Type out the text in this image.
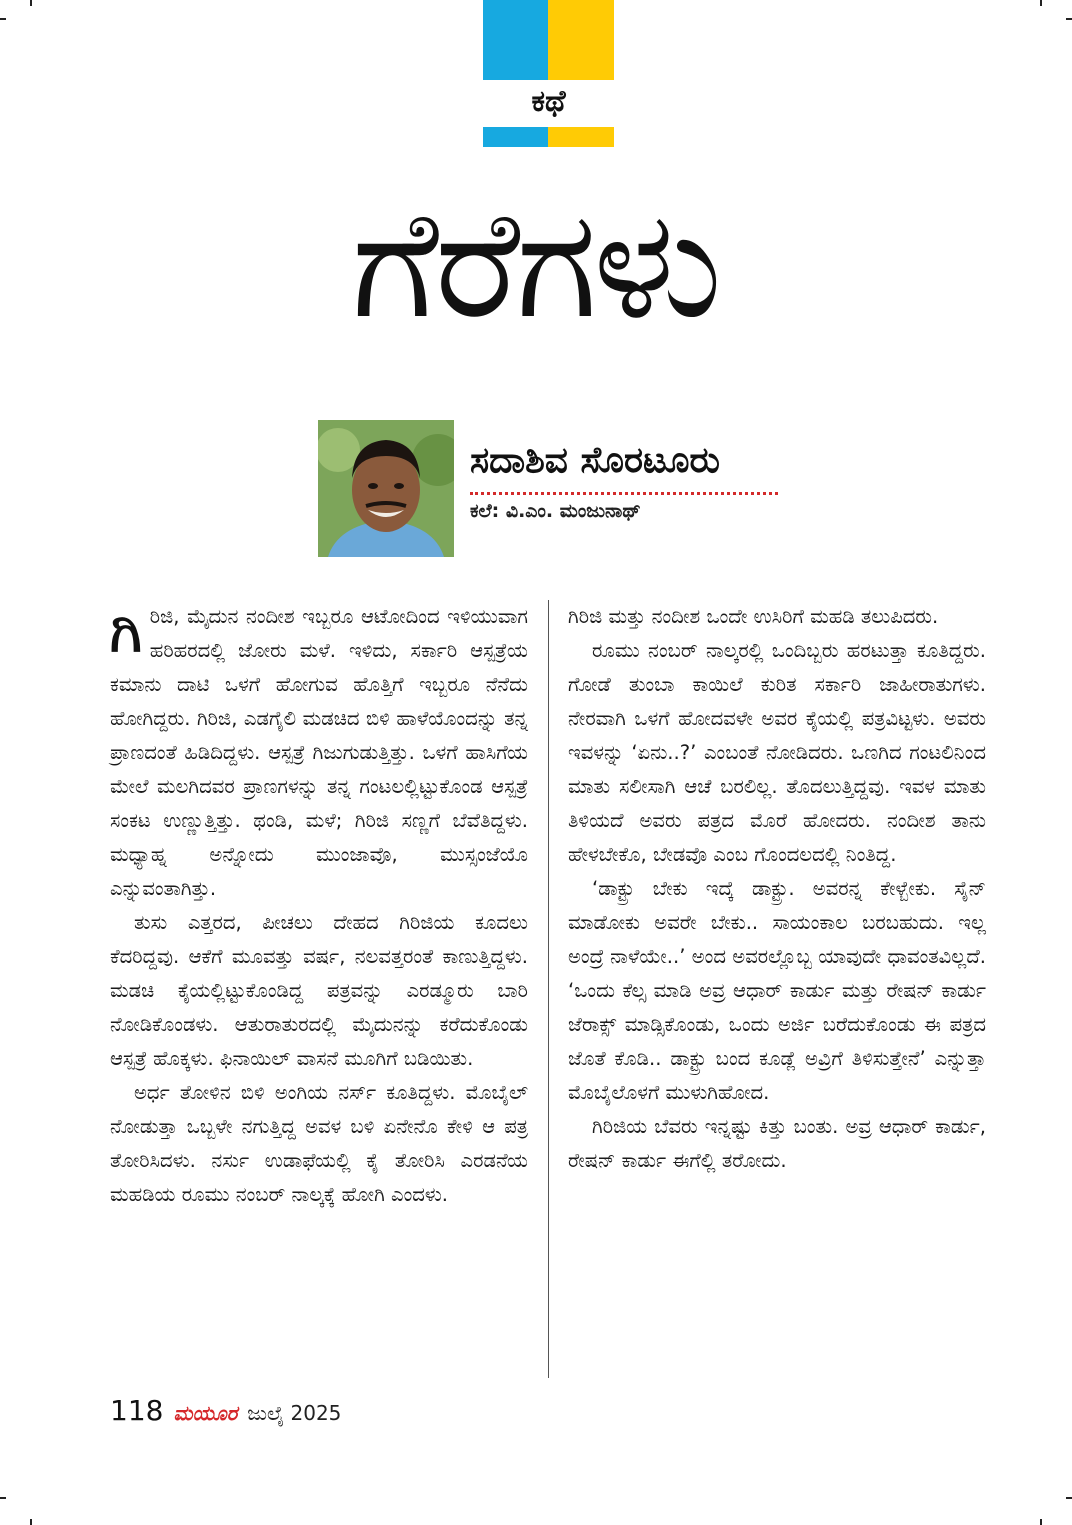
ಕಥೆ
ಗೆರೆಗಳು
ಸದಾಶಿವ ಸೊರಟೂರು
ಕಲೆ: ವಿ.ಎಂ. ಮಂಜುನಾಥ್

ಗಿರಿಜಿ, ಮೈದುನ ನಂದೀಶ ಇಬ್ಬರೂ ಆಟೋದಿಂದ ಇಳಿಯುವಾಗ ಹರಿಹರದಲ್ಲಿ ಜೋರು ಮಳೆ. ಇಳಿದು, ಸರ್ಕಾರಿ ಆಸ್ಪತ್ರೆಯ ಕಮಾನು ದಾಟಿ ಒಳಗೆ ಹೋಗುವ ಹೊತ್ತಿಗೆ ಇಬ್ಬರೂ ನೆನೆದು ಹೋಗಿದ್ದರು. ಗಿರಿಜಿ, ಎಡಗೈಲಿ ಮಡಚಿದ ಬಿಳಿ ಹಾಳೆಯೊಂದನ್ನು ತನ್ನ ಪ್ರಾಣದಂತೆ ಹಿಡಿದಿದ್ದಳು. ಆಸ್ಪತ್ರೆ ಗಿಜುಗುಡುತ್ತಿತ್ತು. ಒಳಗೆ ಹಾಸಿಗೆಯ ಮೇಲೆ ಮಲಗಿದವರ ಪ್ರಾಣಗಳನ್ನು ತನ್ನ ಗಂಟಲಲ್ಲಿಟ್ಟುಕೊಂಡ ಆಸ್ಪತ್ರೆ ಸಂಕಟ ಉಣ್ಣುತ್ತಿತ್ತು. ಥಂಡಿ, ಮಳೆ; ಗಿರಿಜಿ ಸಣ್ಣಗೆ ಬೆವೆತಿದ್ದಳು. ಮಧ್ಯಾಹ್ನ ಅನ್ನೋದು ಮುಂಜಾವೊ, ಮುಸ್ಸಂಜೆಯೊ ಎನ್ನುವಂತಾಗಿತ್ತು.

ತುಸು ಎತ್ತರದ, ಪೀಚಲು ದೇಹದ ಗಿರಿಜಿಯ ಕೂದಲು ಕೆದರಿದ್ದವು. ಆಕೆಗೆ ಮೂವತ್ತು ವರ್ಷ, ನಲವತ್ತರಂತೆ ಕಾಣುತ್ತಿದ್ದಳು. ಮಡಚಿ ಕೈಯಲ್ಲಿಟ್ಟುಕೊಂಡಿದ್ದ ಪತ್ರವನ್ನು ಎರಡ್ಮೂರು ಬಾರಿ ನೋಡಿಕೊಂಡಳು. ಆತುರಾತುರದಲ್ಲಿ ಮೈದುನನ್ನು ಕರೆದುಕೊಂಡು ಆಸ್ಪತ್ರೆ ಹೊಕ್ಕಳು. ಫಿನಾಯಿಲ್ ವಾಸನೆ ಮೂಗಿಗೆ ಬಡಿಯಿತು.

ಅರ್ಧ ತೋಳಿನ ಬಿಳಿ ಅಂಗಿಯ ನರ್ಸ್ ಕೂತಿದ್ದಳು. ಮೊಬೈಲ್ ನೋಡುತ್ತಾ ಒಬ್ಬಳೇ ನಗುತ್ತಿದ್ದ ಅವಳ ಬಳಿ ಏನೇನೊ ಕೇಳಿ ಆ ಪತ್ರ ತೋರಿಸಿದಳು. ನರ್ಸು ಉಡಾಫೆಯಲ್ಲಿ ಕೈ ತೋರಿಸಿ ಎರಡನೆಯ ಮಹಡಿಯ ರೂಮು ನಂಬರ್ ನಾಲ್ಕಕ್ಕೆ ಹೋಗಿ ಎಂದಳು.

ಗಿರಿಜಿ ಮತ್ತು ನಂದೀಶ ಒಂದೇ ಉಸಿರಿಗೆ ಮಹಡಿ ತಲುಪಿದರು.

ರೂಮು ನಂಬರ್ ನಾಲ್ಕರಲ್ಲಿ ಒಂದಿಬ್ಬರು ಹರಟುತ್ತಾ ಕೂತಿದ್ದರು. ಗೋಡೆ ತುಂಬಾ ಕಾಯಿಲೆ ಕುರಿತ ಸರ್ಕಾರಿ ಜಾಹೀರಾತುಗಳು. ನೇರವಾಗಿ ಒಳಗೆ ಹೋದವಳೇ ಅವರ ಕೈಯಲ್ಲಿ ಪತ್ರವಿಟ್ಟಳು. ಅವರು ಇವಳನ್ನು ‘ಏನು..?’ ಎಂಬಂತೆ ನೋಡಿದರು. ಒಣಗಿದ ಗಂಟಲಿನಿಂದ ಮಾತು ಸಲೀಸಾಗಿ ಆಚೆ ಬರಲಿಲ್ಲ. ತೊದಲುತ್ತಿದ್ದವು. ಇವಳ ಮಾತು ತಿಳಿಯದೆ ಅವರು ಪತ್ರದ ಮೊರೆ ಹೋದರು. ನಂದೀಶ ತಾನು ಹೇಳಬೇಕೊ, ಬೇಡವೊ ಎಂಬ ಗೊಂದಲದಲ್ಲಿ ನಿಂತಿದ್ದ.

‘ಡಾಕ್ಟ್ರು ಬೇಕು ಇದ್ಕೆ ಡಾಕ್ಟ್ರು. ಅವರನ್ನ ಕೇಳ್ಬೇಕು. ಸೈನ್ ಮಾಡೋಕು ಅವರೇ ಬೇಕು.. ಸಾಯಂಕಾಲ ಬರಬಹುದು. ಇಲ್ಲ ಅಂದ್ರೆ ನಾಳೆಯೇ..’ ಅಂದ ಅವರಲ್ಲೊಬ್ಬ ಯಾವುದೇ ಧಾವಂತವಿಲ್ಲದೆ. ‘ಒಂದು ಕೆಲ್ಸ ಮಾಡಿ ಅವ್ರ ಆಧಾರ್ ಕಾರ್ಡು ಮತ್ತು ರೇಷನ್ ಕಾರ್ಡು ಜೆರಾಕ್ಸ್ ಮಾಡ್ಸಿಕೊಂಡು, ಒಂದು ಅರ್ಜಿ ಬರೆದುಕೊಂಡು ಈ ಪತ್ರದ ಜೊತೆ ಕೊಡಿ.. ಡಾಕ್ಟ್ರು ಬಂದ ಕೂಡ್ಲೆ ಅವ್ರಿಗೆ ತಿಳಿಸುತ್ತೇನೆ’ ಎನ್ನುತ್ತಾ ಮೊಬೈಲೊಳಗೆ ಮುಳುಗಿಹೋದ.

ಗಿರಿಜಿಯ ಬೆವರು ಇನ್ನಷ್ಟು ಕಿತ್ತು ಬಂತು. ಅವ್ರ ಆಧಾರ್ ಕಾರ್ಡು, ರೇಷನ್ ಕಾರ್ಡು ಈಗೆಲ್ಲಿ ತರೋದು.

118 ಮಯೂರ ಜುಲೈ 2025
